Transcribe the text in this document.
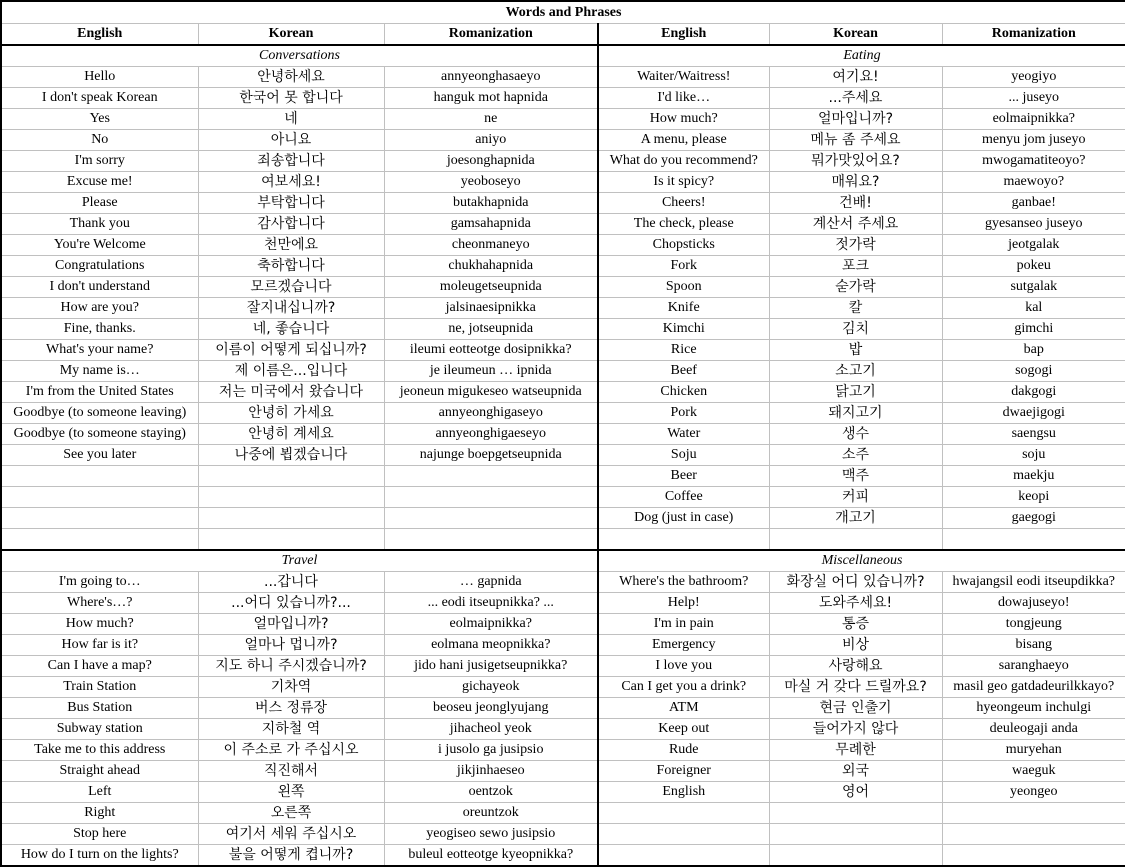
Words and Phrases					
English	Korean	Romanization	English	Korean	Romanization
Conversations			Eating		
Hello	안녕하세요	annyeonghasaeyo	Waiter/Waitress!	여기요!	yeogiyo
I don't speak Korean	한국어 못 합니다	hanguk mot hapnida	I'd like…	...주세요	... juseyo
Yes	네	ne	How much?	얼마입니까?	eolmaipnikka?
No	아니요	aniyo	A menu, please	메뉴 좀 주세요	menyu jom juseyo
I'm sorry	죄송합니다	joesonghapnida	What do you recommend?	뭐가맛있어요?	mwogamatiteoyo?
Excuse me!	여보세요!	yeoboseyo	Is it spicy?	매워요?	maewoyo?
Please	부탁합니다	butakhapnida	Cheers!	건배!	ganbae!
Thank you	감사합니다	gamsahapnida	The check, please	계산서 주세요	gyesanseo juseyo
You're Welcome	천만에요	cheonmaneyo	Chopsticks	젓가락	jeotgalak
Congratulations	축하합니다	chukhahapnida	Fork	포크	pokeu
I don't understand	모르겠습니다	moleugetseupnida	Spoon	숟가락	sutgalak
How are you?	잘지내십니까?	jalsinaesipnikka	Knife	칼	kal
Fine, thanks.	네, 좋습니다	ne, jotseupnida	Kimchi	김치	gimchi
What's your name?	이름이 어떻게 되십니까?	ileumi eotteotge dosipnikka?	Rice	밥	bap
My name is…	제 이름은...입니다	je ileumeun … ipnida	Beef	소고기	sogogi
I'm from the United States	저는 미국에서 왔습니다	jeoneun migukeseo watseupnida	Chicken	닭고기	dakgogi
Goodbye (to someone leaving)	안녕히 가세요	annyeonghigaseyo	Pork	돼지고기	dwaejigogi
Goodbye (to someone staying)	안녕히 계세요	annyeonghigaeseyo	Water	생수	saengsu
See you later	나중에 뵙겠습니다	najunge boepgetseupnida	Soju	소주	soju
			Beer	맥주	maekju
			Coffee	커피	keopi
			Dog (just in case)	개고기	gaegogi

Travel			Miscellaneous		
I'm going to…	...갑니다	… gapnida	Where's the bathroom?	화장실 어디 있습니까?	hwajangsil eodi itseupdikka?
Where's…?	...어디 있습니까?...	... eodi itseupnikka? ...	Help!	도와주세요!	dowajuseyo!
How much?	얼마입니까?	eolmaipnikka?	I'm in pain	통증	tongjeung
How far is it?	얼마나 멉니까?	eolmana meopnikka?	Emergency	비상	bisang
Can I have a map?	지도 하니 주시겠습니까?	jido hani jusigetseupnikka?	I love you	사랑해요	saranghaeyo
Train Station	기차역	gichayeok	Can I get you a drink?	마실 거 갖다 드릴까요?	masil geo gatdadeurilkkayo?
Bus Station	버스 정류장	beoseu jeonglyujang	ATM	현금 인출기	hyeongeum inchulgi
Subway station	지하철 역	jihacheol yeok	Keep out	들어가지 않다	deuleogaji anda
Take me to this address	이 주소로 가 주십시오	i jusolo ga jusipsio	Rude	무례한	muryehan
Straight ahead	직진해서	jikjinhaeseo	Foreigner	외국	waeguk
Left	왼쪽	oentzok	English	영어	yeongeo
Right	오른쪽	oreuntzok			
Stop here	여기서 세워 주십시오	yeogiseo sewo jusipsio			
How do I turn on the lights?	불을 어떻게 켭니까?	buleul eotteotge kyeopnikka?			
